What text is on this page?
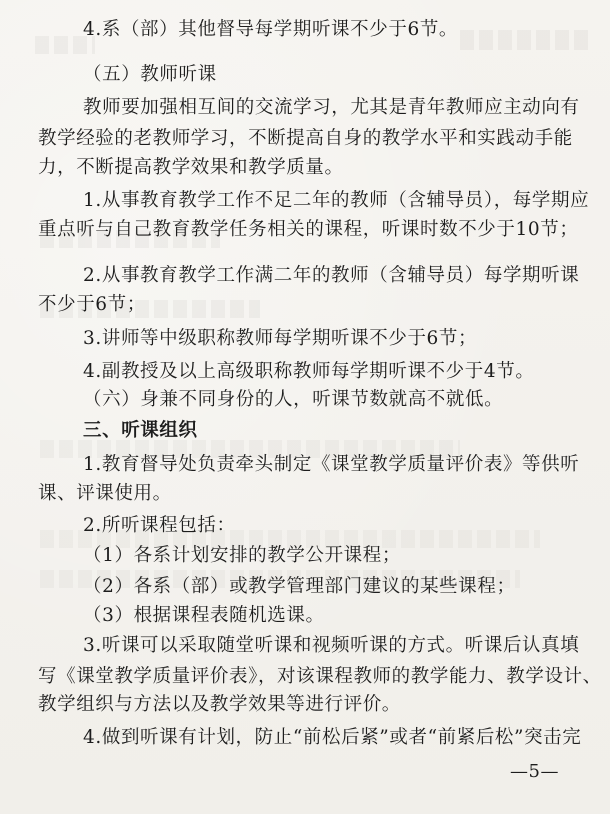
4.系（部）其他督导每学期听课不少于6节。
（五）教师听课
教师要加强相互间的交流学习，尤其是青年教师应主动向有
教学经验的老教师学习，不断提高自身的教学水平和实践动手能
力，不断提高教学效果和教学质量。
1.从事教育教学工作不足二年的教师（含辅导员），每学期应
重点听与自己教育教学任务相关的课程，听课时数不少于10节；
2.从事教育教学工作满二年的教师（含辅导员）每学期听课
不少于6节；
3.讲师等中级职称教师每学期听课不少于6节；
4.副教授及以上高级职称教师每学期听课不少于4节。
（六）身兼不同身份的人，听课节数就高不就低。
三、听课组织
1.教育督导处负责牵头制定《课堂教学质量评价表》等供听
课、评课使用。
2.所听课程包括：
（1）各系计划安排的教学公开课程；
（2）各系（部）或教学管理部门建议的某些课程；
（3）根据课程表随机选课。
3.听课可以采取随堂听课和视频听课的方式。听课后认真填
写《课堂教学质量评价表》，对该课程教师的教学能力、教学设计、
教学组织与方法以及教学效果等进行评价。
4.做到听课有计划，防止“前松后紧”或者“前紧后松”突击完
—5—
